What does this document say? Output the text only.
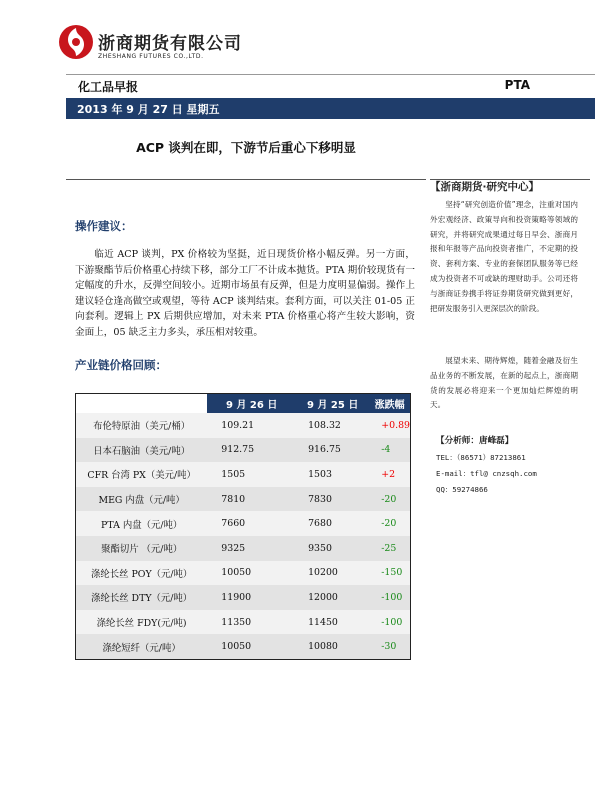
浙商期货有限公司
ZHESHANG FUTURES CO.,LTD.
化工品早报	PTA
2013 年 9 月 27 日 星期五
ACP 谈判在即，下游节后重心下移明显
操作建议：
临近 ACP 谈判，PX 价格较为坚挺，近日现货价格小幅反弹。另一方面，下游聚酯节后价格重心持续下移，部分工厂不计成本抛货。PTA 期价较现货有一定幅度的升水，反弹空间较小。近期市场虽有反弹，但是力度明显偏弱。操作上建议轻仓逢高做空或观望，等待 ACP 谈判结束。套利方面，可以关注 01-05 正向套利。逻辑上 PX 后期供应增加，对未来 PTA 价格重心将产生较大影响，资金面上，05 缺乏主力多头，承压相对较重。
产业链价格回顾：
	9 月 26 日	9 月 25 日	涨跌幅
布伦特原油（美元/桶）	109.21	108.32	+0.89
日本石脑油（美元/吨）	912.75	916.75	-4
CFR 台湾 PX（美元/吨）	1505	1503	+2
MEG 内盘（元/吨）	7810	7830	-20
PTA 内盘（元/吨）	7660	7680	-20
聚酯切片 （元/吨）	9325	9350	-25
涤纶长丝 POY（元/吨）	10050	10200	-150
涤纶长丝 DTY（元/吨）	11900	12000	-100
涤纶长丝 FDY(元/吨)	11350	11450	-100
涤纶短纤（元/吨）	10050	10080	-30
【浙商期货·研究中心】
坚持“研究创造价值”理念，注重对国内外宏观经济、政策导向和投资策略等领域的研究，并将研究成果通过每日早会、浙商月报和年报等产品向投资者推广，不定期的投资、套利方案、专业的套保团队服务等已经成为投资者不可或缺的理财助手。公司还将与浙商证券携手将证券期货研究做到更好，把研发服务引入更深层次的阶段。
展望未来、期待辉煌，随着金融及衍生品业务的不断发展，在新的起点上，浙商期货的发展必将迎来一个更加灿烂辉煌的明天。
【分析师：唐峰磊】
TEL：（86571）87213861
E-mail：tfl@ cnzsqh.com
QQ：59274866
